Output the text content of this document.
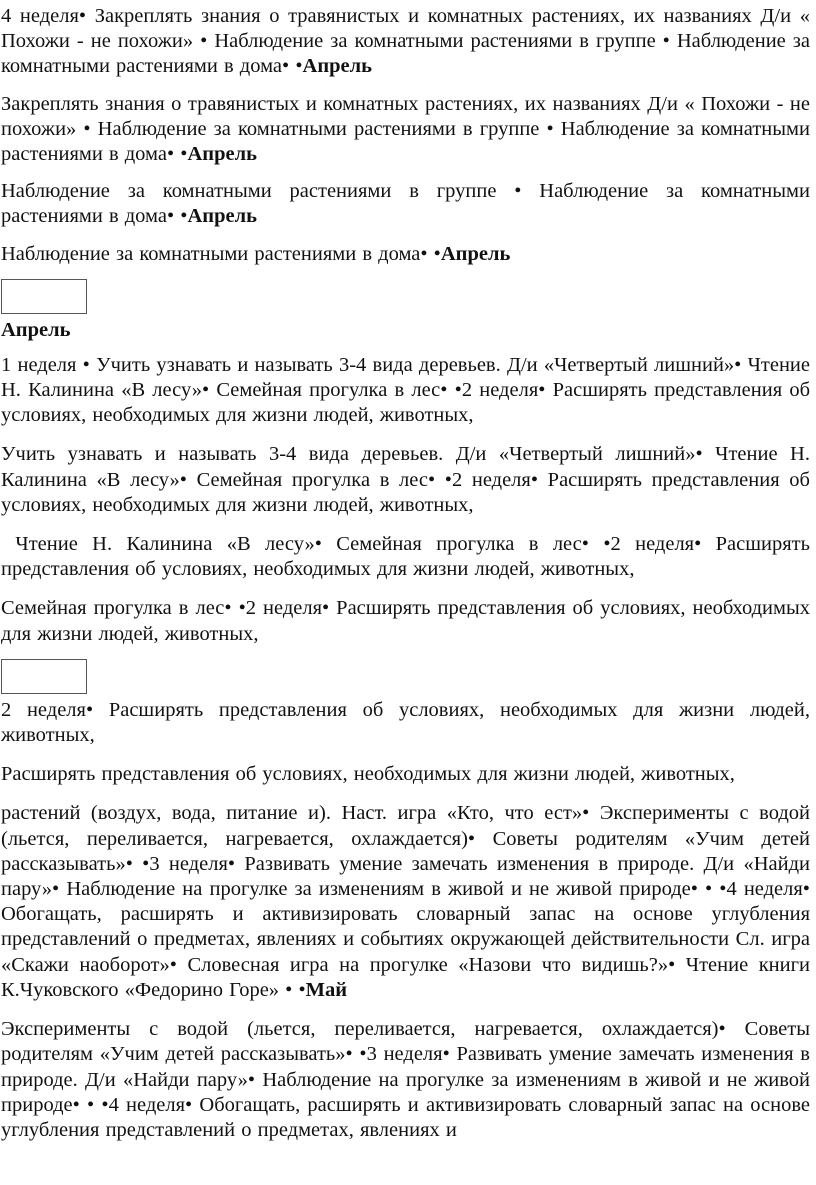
4 неделя• Закреплять знания о травянистых и комнатных растениях, их названиях Д/и « Похожи - не похожи» • Наблюдение за комнатными растениями в группе • Наблюдение за комнатными растениями в дома• •Апрель

Закреплять знания о травянистых и комнатных растениях, их названиях Д/и « Похожи - не похожи» • Наблюдение за комнатными растениями в группе • Наблюдение за комнатными растениями в дома• •Апрель

Наблюдение за комнатными растениями в группе • Наблюдение за комнатными растениями в дома• •Апрель

Наблюдение за комнатными растениями в дома• •Апрель

Апрель

1 неделя • Учить узнавать и называть 3-4 вида деревьев. Д/и «Четвертый лишний»• Чтение Н. Калинина «В лесу»• Семейная прогулка в лес• •2 неделя• Расширять представления об условиях, необходимых для жизни людей, животных,

Учить узнавать и называть 3-4 вида деревьев. Д/и «Четвертый лишний»• Чтение Н. Калинина «В лесу»• Семейная прогулка в лес• •2 неделя• Расширять представления об условиях, необходимых для жизни людей, животных,

Чтение Н. Калинина «В лесу»• Семейная прогулка в лес• •2 неделя• Расширять представления об условиях, необходимых для жизни людей, животных,

Семейная прогулка в лес• •2 неделя• Расширять представления об условиях, необходимых для жизни людей, животных,

2 неделя• Расширять представления об условиях, необходимых для жизни людей, животных,

Расширять представления об условиях, необходимых для жизни людей, животных,

растений (воздух, вода, питание и). Наст. игра «Кто, что ест»• Эксперименты с водой (льется, переливается, нагревается, охлаждается)• Советы родителям «Учим детей рассказывать»• •3 неделя• Развивать умение замечать изменения в природе. Д/и «Найди пару»• Наблюдение на прогулке за изменениям в живой и не живой природе• • •4 неделя• Обогащать, расширять и активизировать словарный запас на основе углубления представлений о предметах, явлениях и событиях окружающей действительности Сл. игра «Скажи наоборот»• Словесная игра на прогулке «Назови что видишь?»• Чтение книги К.Чуковского «Федорино Горе» • •Май

Эксперименты с водой (льется, переливается, нагревается, охлаждается)• Советы родителям «Учим детей рассказывать»• •3 неделя• Развивать умение замечать изменения в природе. Д/и «Найди пару»• Наблюдение на прогулке за изменениям в живой и не живой природе• • •4 неделя• Обогащать, расширять и активизировать словарный запас на основе углубления представлений о предметах, явлениях и
